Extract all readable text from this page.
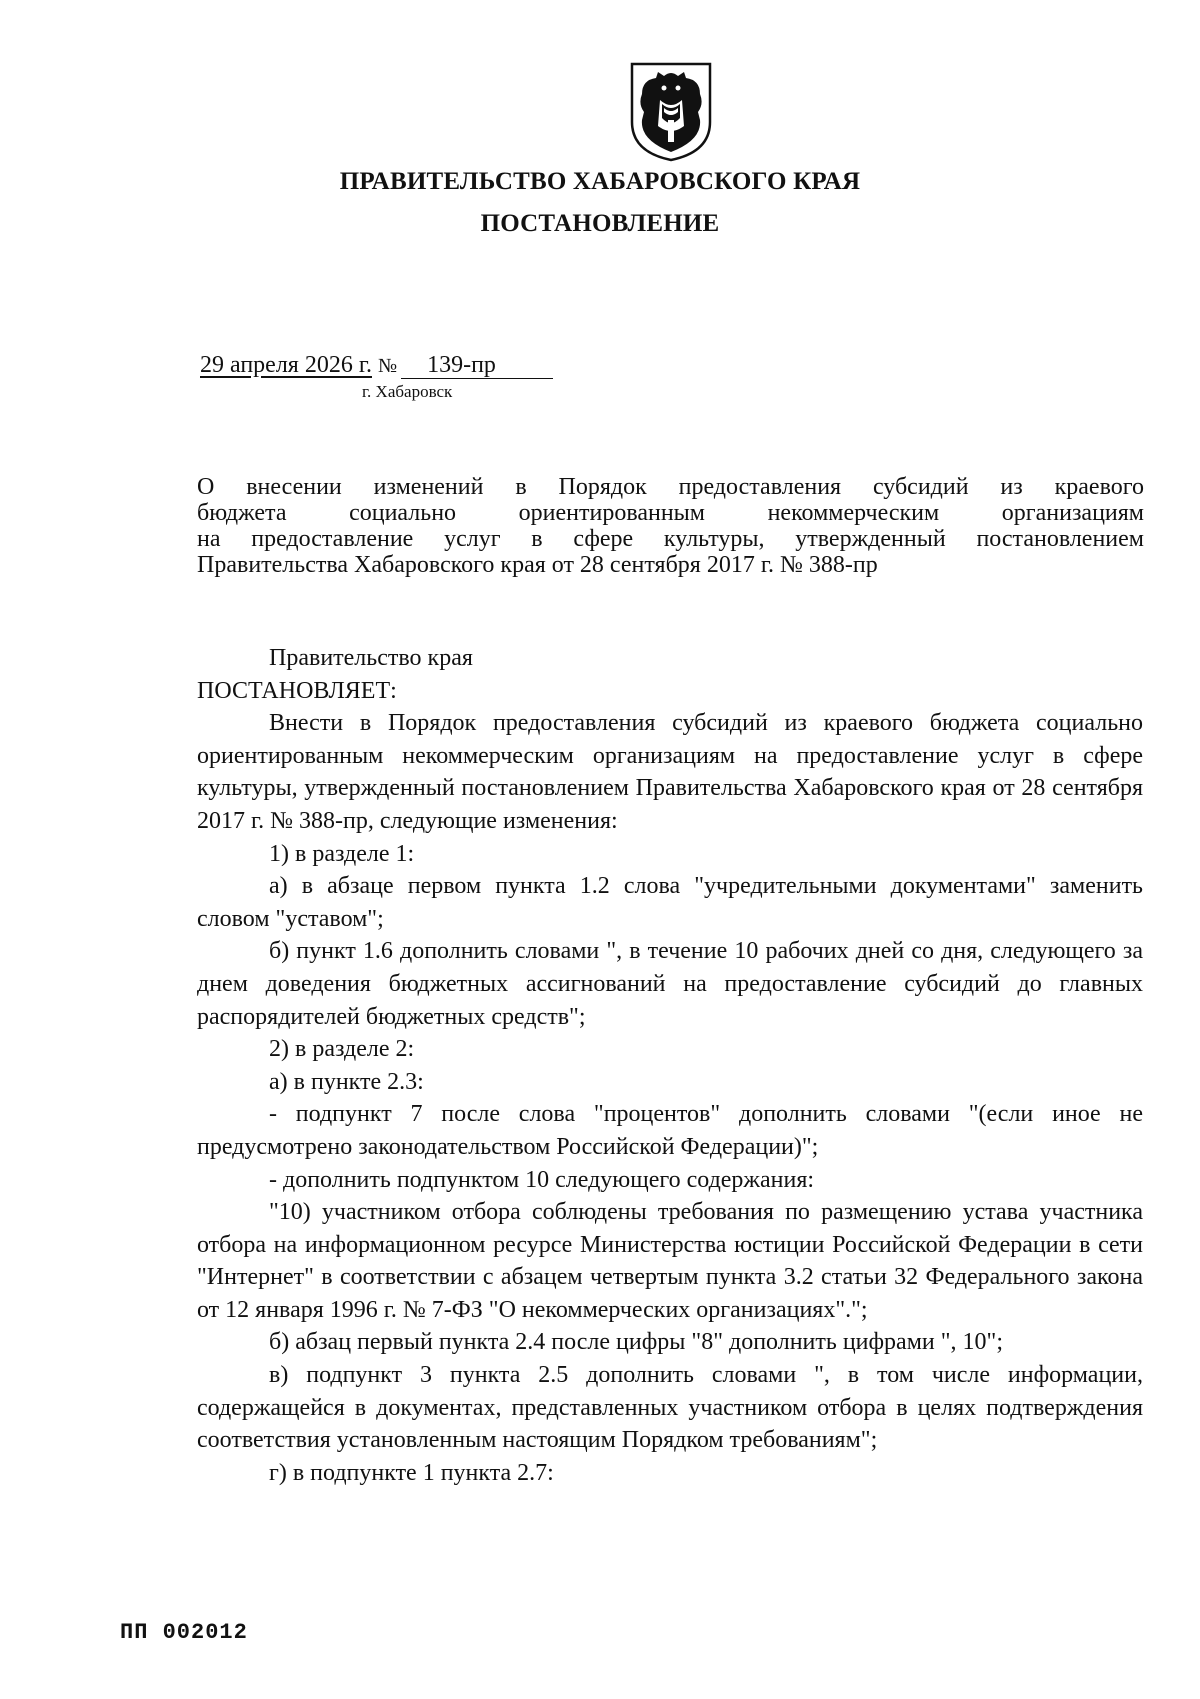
ПРАВИТЕЛЬСТВО ХАБАРОВСКОГО КРАЯ
ПОСТАНОВЛЕНИЕ
29 апреля 2026 г. № 139-пр
г. Хабаровск

О внесении изменений в Порядок предоставления субсидий из краевого

бюджета социально ориентированным некоммерческим организациям

на предоставление услуг в сфере культуры, утвержденный постановлением

Правительства Хабаровского края от 28 сентября 2017 г. № 388-пр

Правительство края

ПОСТАНОВЛЯЕТ:

Внести в Порядок предоставления субсидий из краевого бюджета социально ориентированным некоммерческим организациям на предоставление услуг в сфере культуры, утвержденный постановлением Правительства Хабаровского края от 28 сентября 2017 г. № 388-пр, следующие изменения:

1) в разделе 1:

а) в абзаце первом пункта 1.2 слова "учредительными документами" заменить словом "уставом";

б) пункт 1.6 дополнить словами ", в течение 10 рабочих дней со дня, следующего за днем доведения бюджетных ассигнований на предоставление субсидий до главных распорядителей бюджетных средств";

2) в разделе 2:

а) в пункте 2.3:

- подпункт 7 после слова "процентов" дополнить словами "(если иное не предусмотрено законодательством Российской Федерации)";

- дополнить подпунктом 10 следующего содержания:

"10) участником отбора соблюдены требования по размещению устава участника отбора на информационном ресурсе Министерства юстиции Российской Федерации в сети "Интернет" в соответствии с абзацем четвертым пункта 3.2 статьи 32 Федерального закона от 12 января 1996 г. № 7-ФЗ "О некоммерческих организациях".";

б) абзац первый пункта 2.4 после цифры "8" дополнить цифрами ", 10";

в) подпункт 3 пункта 2.5 дополнить словами ", в том числе информации, содержащейся в документах, представленных участником отбора в целях подтверждения соответствия установленным настоящим Порядком требованиям";

г) в подпункте 1 пункта 2.7:

ПП 002012
